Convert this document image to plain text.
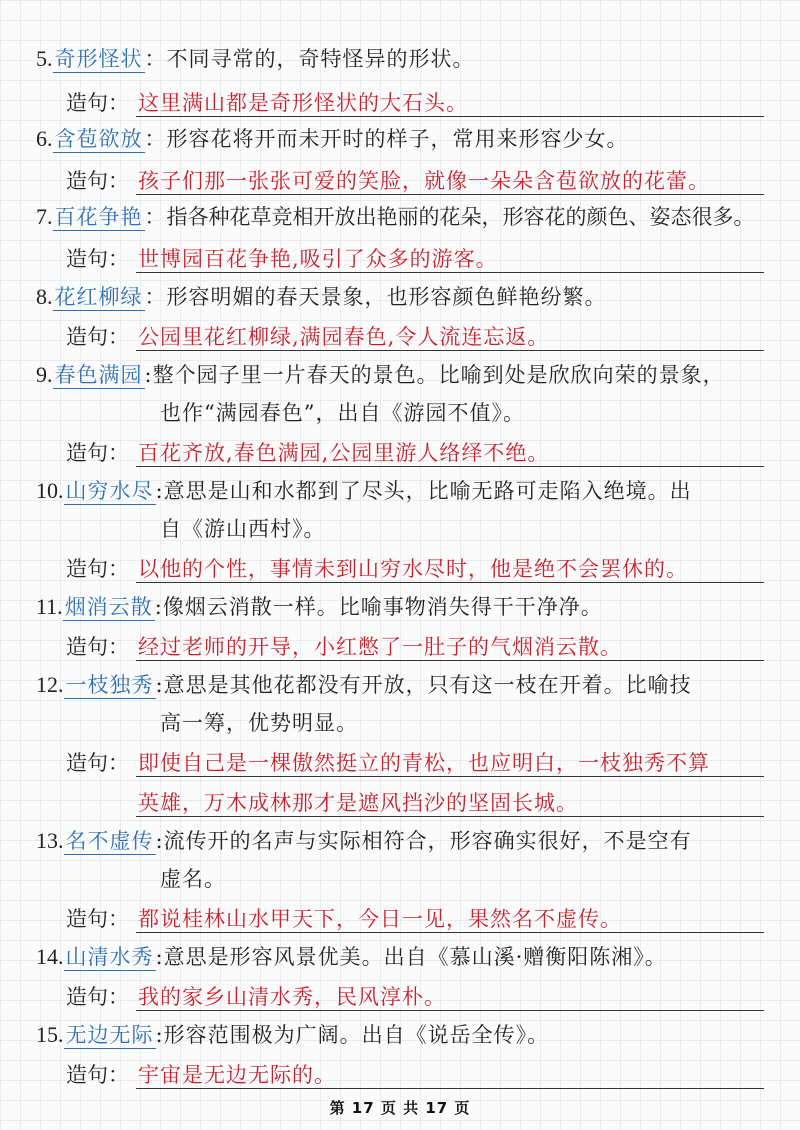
5.奇形怪状：不同寻常的，奇特怪异的形状。
造句： 这里满山都是奇形怪状的大石头。
6.含苞欲放：形容花将开而未开时的样子，常用来形容少女。
造句： 孩子们那一张张可爱的笑脸，就像一朵朵含苞欲放的花蕾。
7.百花争艳：指各种花草竞相开放出艳丽的花朵，形容花的颜色、姿态很多。
造句： 世博园百花争艳,吸引了众多的游客。
8.花红柳绿：形容明媚的春天景象，也形容颜色鲜艳纷繁。
造句： 公园里花红柳绿,满园春色,令人流连忘返。
9.春色满园:整个园子里一片春天的景色。比喻到处是欣欣向荣的景象，
也作“满园春色”，出自《游园不值》。
造句： 百花齐放,春色满园,公园里游人络绎不绝。
10.山穷水尽:意思是山和水都到了尽头，比喻无路可走陷入绝境。出
自《游山西村》。
造句： 以他的个性，事情未到山穷水尽时，他是绝不会罢休的。
11.烟消云散:像烟云消散一样。比喻事物消失得干干净净。
造句： 经过老师的开导，小红憋了一肚子的气烟消云散。
12.一枝独秀:意思是其他花都没有开放，只有这一枝在开着。比喻技
高一筹，优势明显。
造句： 即使自己是一棵傲然挺立的青松，也应明白，一枝独秀不算
英雄，万木成林那才是遮风挡沙的坚固长城。
13.名不虚传:流传开的名声与实际相符合，形容确实很好，不是空有
虚名。
造句： 都说桂林山水甲天下，今日一见，果然名不虚传。
14.山清水秀:意思是形容风景优美。出自《慕山溪·赠衡阳陈湘》。
造句： 我的家乡山清水秀，民风淳朴。
15.无边无际:形容范围极为广阔。出自《说岳全传》。
造句： 宇宙是无边无际的。
第 17 页 共 17 页
